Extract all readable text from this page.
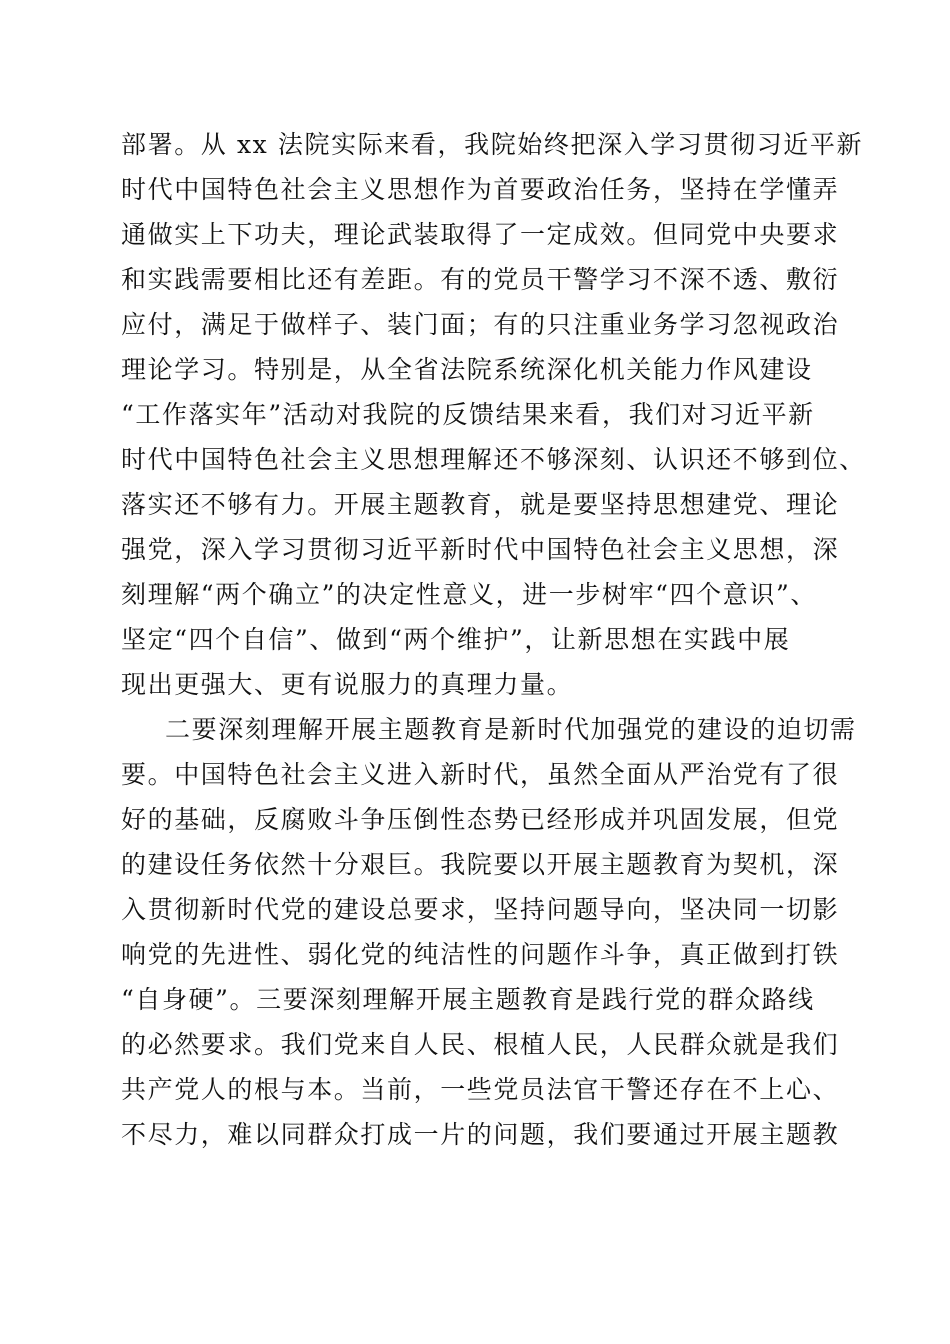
部署。从 xx 法院实际来看，我院始终把深入学习贯彻习近平新
时代中国特色社会主义思想作为首要政治任务，坚持在学懂弄
通做实上下功夫，理论武装取得了一定成效。但同党中央要求
和实践需要相比还有差距。有的党员干警学习不深不透、敷衍
应付，满足于做样子、装门面；有的只注重业务学习忽视政治
理论学习。特别是，从全省法院系统深化机关能力作风建设
“工作落实年”活动对我院的反馈结果来看，我们对习近平新
时代中国特色社会主义思想理解还不够深刻、认识还不够到位、
落实还不够有力。开展主题教育，就是要坚持思想建党、理论
强党，深入学习贯彻习近平新时代中国特色社会主义思想，深
刻理解“两个确立”的决定性意义，进一步树牢“四个意识”、
坚定“四个自信”、做到“两个维护”，让新思想在实践中展
现出更强大、更有说服力的真理力量。
二要深刻理解开展主题教育是新时代加强党的建设的迫切需
要。中国特色社会主义进入新时代，虽然全面从严治党有了很
好的基础，反腐败斗争压倒性态势已经形成并巩固发展，但党
的建设任务依然十分艰巨。我院要以开展主题教育为契机，深
入贯彻新时代党的建设总要求，坚持问题导向，坚决同一切影
响党的先进性、弱化党的纯洁性的问题作斗争，真正做到打铁
“自身硬”。三要深刻理解开展主题教育是践行党的群众路线
的必然要求。我们党来自人民、根植人民，人民群众就是我们
共产党人的根与本。当前，一些党员法官干警还存在不上心、
不尽力，难以同群众打成一片的问题，我们要通过开展主题教
